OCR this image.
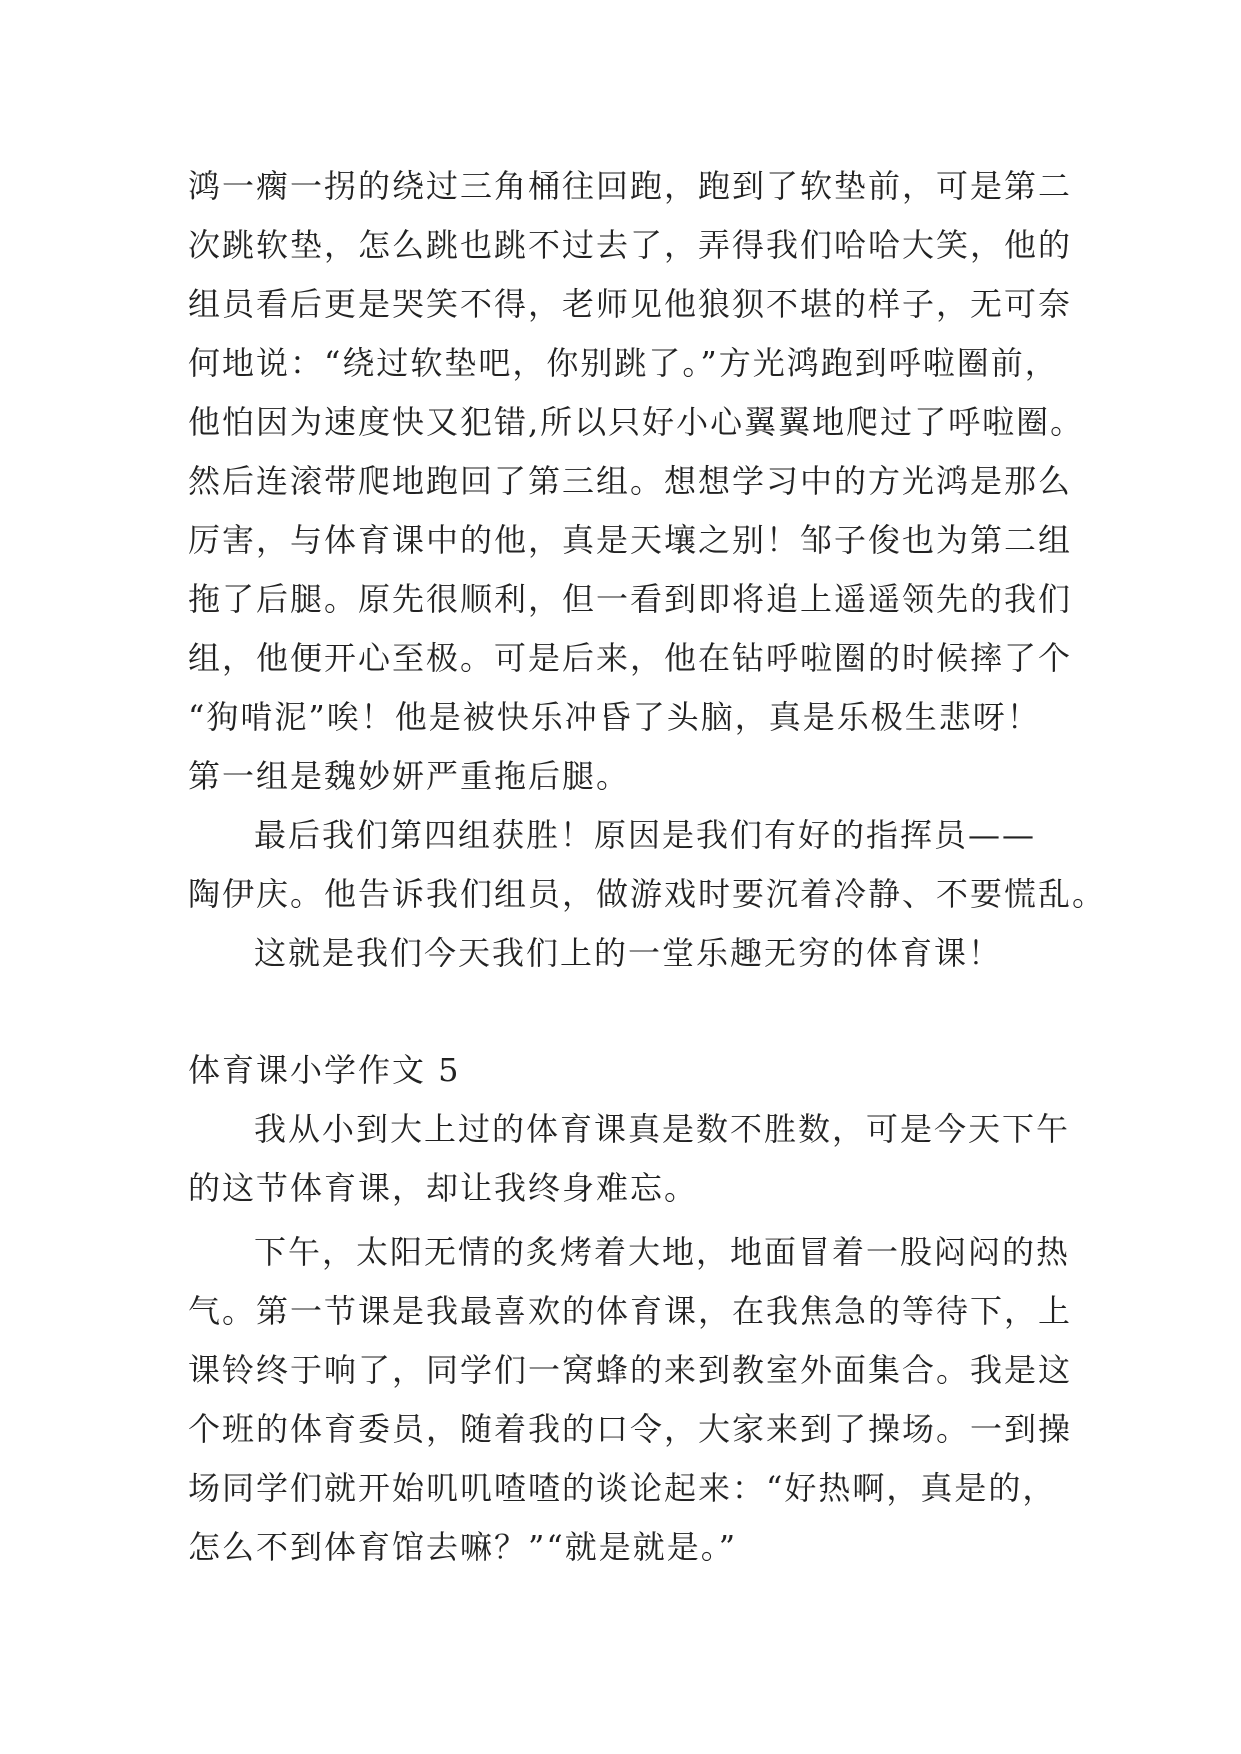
鸿一瘸一拐的绕过三角桶往回跑，跑到了软垫前，可是第二
次跳软垫，怎么跳也跳不过去了，弄得我们哈哈大笑，他的
组员看后更是哭笑不得，老师见他狼狈不堪的样子，无可奈
何地说：“绕过软垫吧，你别跳了。”方光鸿跑到呼啦圈前，
他怕因为速度快又犯错,所以只好小心翼翼地爬过了呼啦圈。
然后连滚带爬地跑回了第三组。想想学习中的方光鸿是那么
厉害，与体育课中的他，真是天壤之别！邹子俊也为第二组
拖了后腿。原先很顺利，但一看到即将追上遥遥领先的我们
组，他便开心至极。可是后来，他在钻呼啦圈的时候摔了个
“狗啃泥”唉！他是被快乐冲昏了头脑，真是乐极生悲呀！
第一组是魏妙妍严重拖后腿。
最后我们第四组获胜！原因是我们有好的指挥员——
陶伊庆。他告诉我们组员，做游戏时要沉着冷静、不要慌乱。
这就是我们今天我们上的一堂乐趣无穷的体育课！
体育课小学作文 5
我从小到大上过的体育课真是数不胜数，可是今天下午
的这节体育课，却让我终身难忘。
下午，太阳无情的炙烤着大地，地面冒着一股闷闷的热
气。第一节课是我最喜欢的体育课，在我焦急的等待下，上
课铃终于响了，同学们一窝蜂的来到教室外面集合。我是这
个班的体育委员，随着我的口令，大家来到了操场。一到操
场同学们就开始叽叽喳喳的谈论起来：“好热啊，真是的，
怎么不到体育馆去嘛？”“就是就是。”
